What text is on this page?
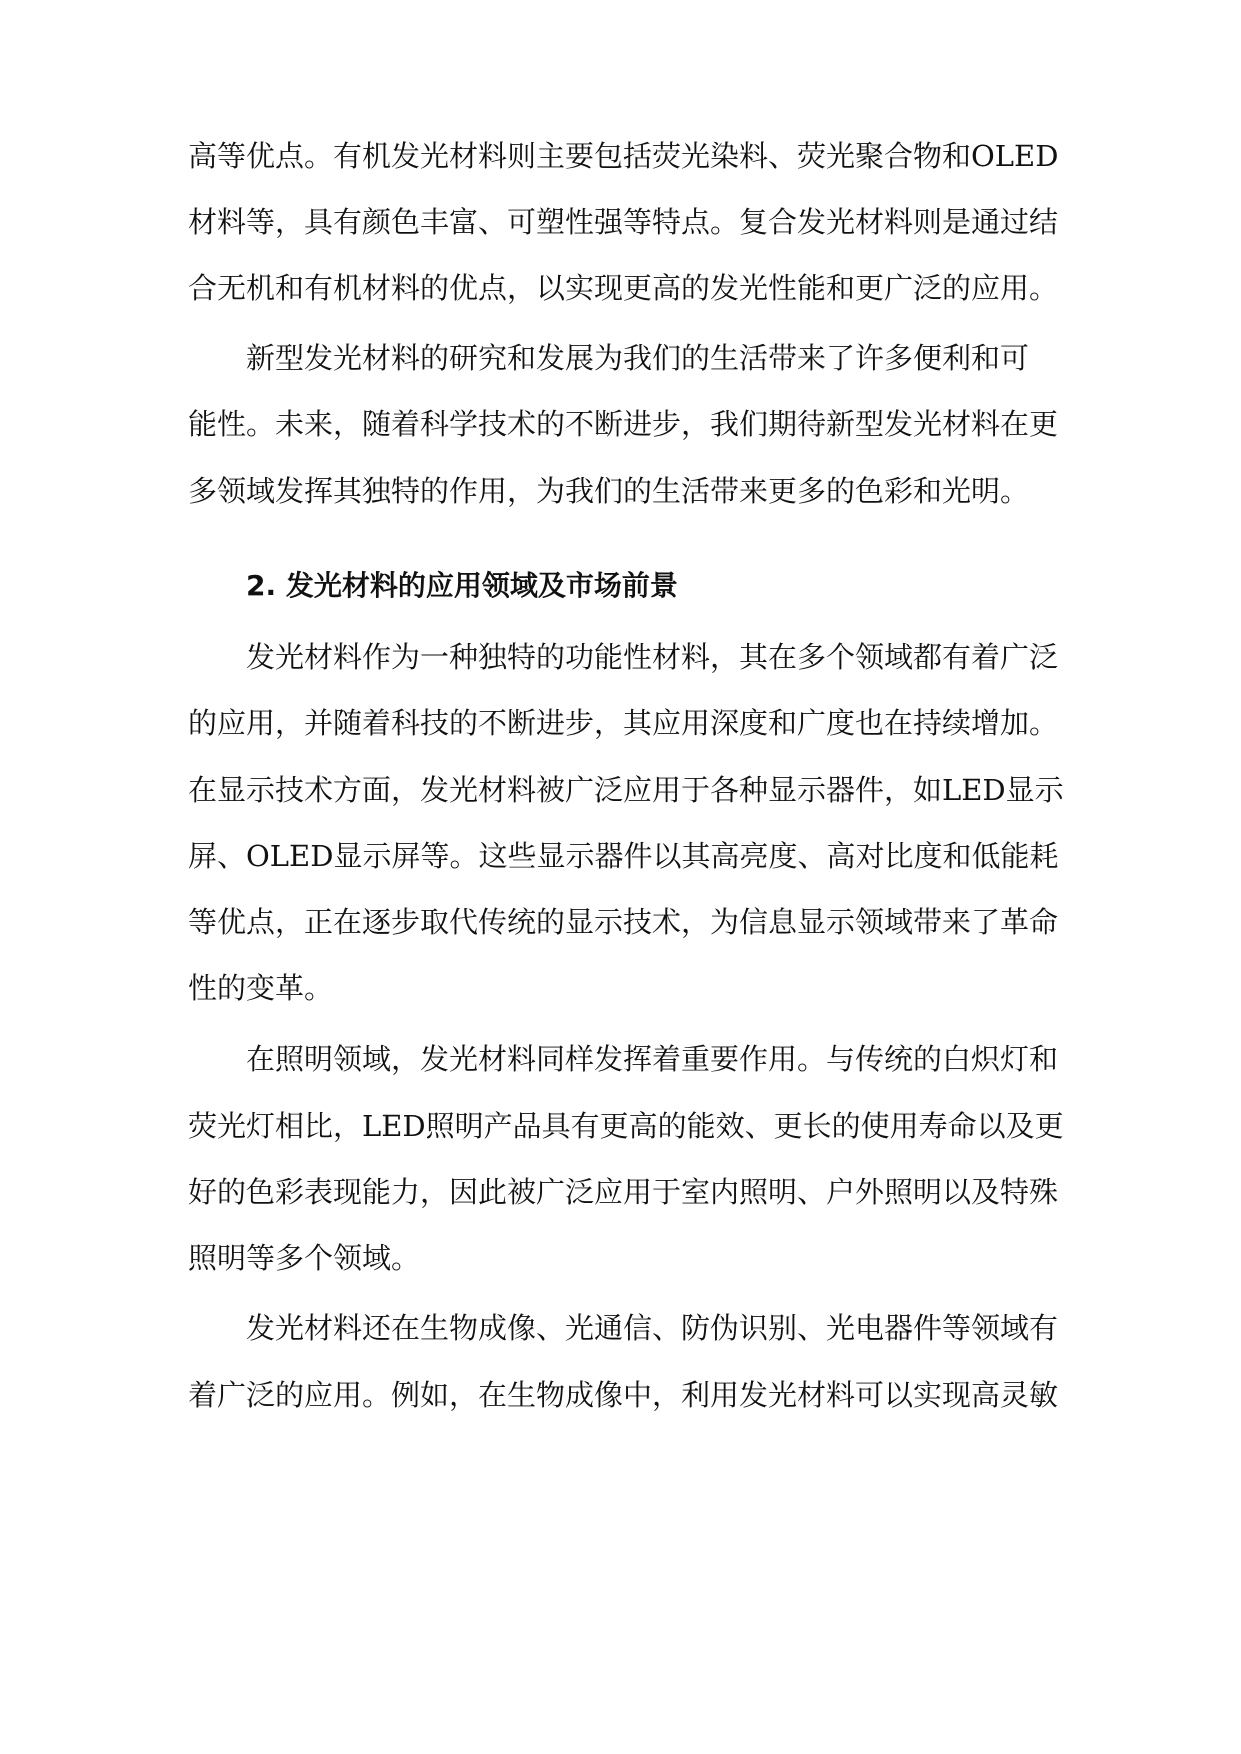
高等优点。有机发光材料则主要包括荧光染料、荧光聚合物和OLED
材料等，具有颜色丰富、可塑性强等特点。复合发光材料则是通过结
合无机和有机材料的优点，以实现更高的发光性能和更广泛的应用。
新型发光材料的研究和发展为我们的生活带来了许多便利和可
能性。未来，随着科学技术的不断进步，我们期待新型发光材料在更
多领域发挥其独特的作用，为我们的生活带来更多的色彩和光明。
2. 发光材料的应用领域及市场前景
发光材料作为一种独特的功能性材料，其在多个领域都有着广泛
的应用，并随着科技的不断进步，其应用深度和广度也在持续增加。
在显示技术方面，发光材料被广泛应用于各种显示器件，如LED显示
屏、OLED显示屏等。这些显示器件以其高亮度、高对比度和低能耗
等优点，正在逐步取代传统的显示技术，为信息显示领域带来了革命
性的变革。
在照明领域，发光材料同样发挥着重要作用。与传统的白炽灯和
荧光灯相比，LED照明产品具有更高的能效、更长的使用寿命以及更
好的色彩表现能力，因此被广泛应用于室内照明、户外照明以及特殊
照明等多个领域。
发光材料还在生物成像、光通信、防伪识别、光电器件等领域有
着广泛的应用。例如，在生物成像中，利用发光材料可以实现高灵敏
